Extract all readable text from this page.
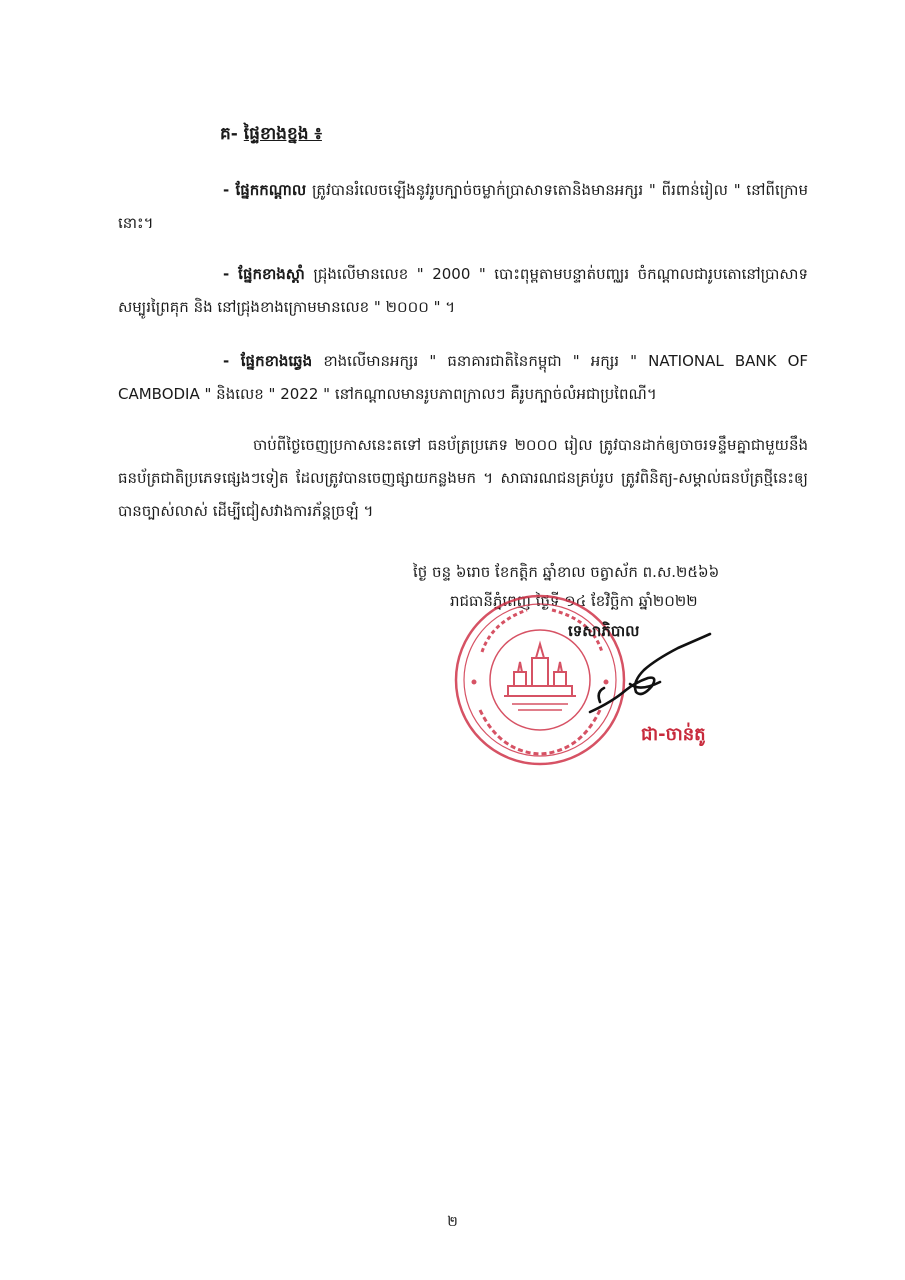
គ- ផ្ទៃខាងខ្នង ៖

- ផ្នែកកណ្តាល ត្រូវបានរំលេចឡើងនូវរូបក្បាច់ចម្លាក់ប្រាសាទតោនិងមានអក្សរ " ពីរពាន់រៀល " នៅពីក្រោមនោះ។

- ផ្នែកខាងស្តាំ ជ្រុងលើមានលេខ " 2000 " បោះពុម្ពតាមបន្ទាត់បញ្ឈរ ចំកណ្តាលជារូបតោនៅប្រាសាទសម្បូរព្រៃគុក និង នៅជ្រុងខាងក្រោមមានលេខ " ២០០០ " ។

- ផ្នែកខាងឆ្វេង ខាងលើមានអក្សរ " ធនាគារជាតិនៃកម្ពុជា " អក្សរ " NATIONAL BANK OF CAMBODIA " និងលេខ " 2022 " នៅកណ្តាលមានរូបភាពក្រាលៗ គឺរូបក្បាច់លំអជាប្រពៃណី។

ចាប់ពីថ្ងៃចេញប្រកាសនេះតទៅ ធនប័ត្រប្រភេទ ២០០០ រៀល ត្រូវបានដាក់ឲ្យចាចរទន្ទឹមគ្នាជាមួយនឹងធនប័ត្រជាតិប្រភេទផ្សេងៗទៀត ដែលត្រូវបានចេញផ្សាយកន្លងមក ។ សាធារណជនគ្រប់រូប ត្រូវពិនិត្យ-សម្គាល់ធនប័ត្រថ្មីនេះឲ្យបានច្បាស់លាស់ ដើម្បីជៀសវាងការភ័ន្តច្រឡំ ។

ថ្ងៃ ចន្ទ ៦រោច ខែកត្តិក ឆ្នាំខាល ចត្វាស័ក ព.ស.២៥៦៦
រាជធានីភ្នំពេញ ថ្ងៃទី ១៤ ខែវិច្ឆិកា ឆ្នាំ២០២២
ទេសាភិបាល
ជា-ចាន់តូ
២
